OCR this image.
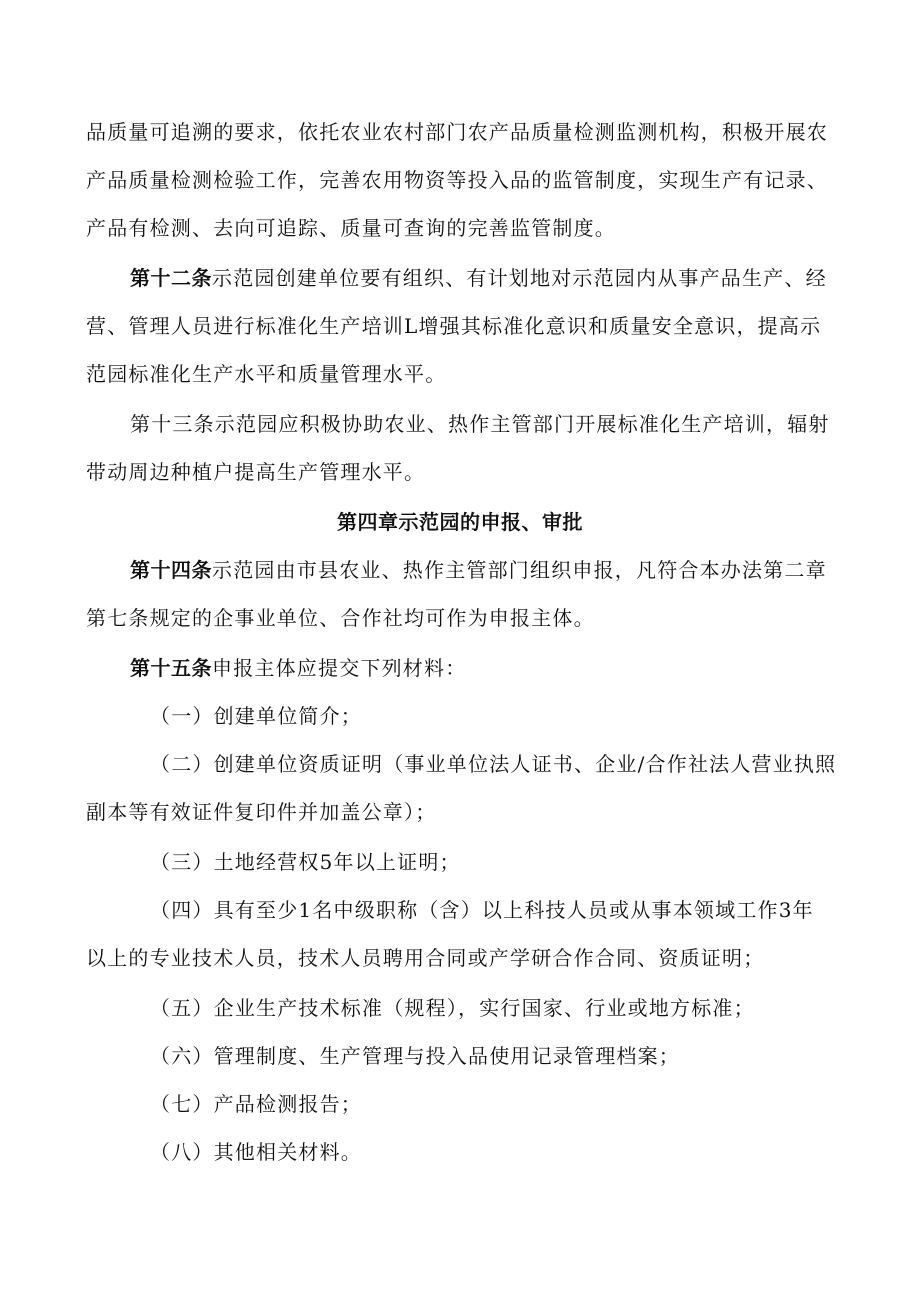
品质量可追溯的要求，依托农业农村部门农产品质量检测监测机构，积极开展农
产品质量检测检验工作，完善农用物资等投入品的监管制度，实现生产有记录、
产品有检测、去向可追踪、质量可查询的完善监管制度。
第十二条示范园创建单位要有组织、有计划地对示范园内从事产品生产、经
营、管理人员进行标准化生产培训L增强其标准化意识和质量安全意识，提高示
范园标准化生产水平和质量管理水平。
第十三条示范园应积极协助农业、热作主管部门开展标准化生产培训，辐射
带动周边种植户提高生产管理水平。
第四章示范园的申报、审批
第十四条示范园由市县农业、热作主管部门组织申报，凡符合本办法第二章
第七条规定的企事业单位、合作社均可作为申报主体。
第十五条申报主体应提交下列材料：
（一）创建单位简介；
（二）创建单位资质证明（事业单位法人证书、企业/合作社法人营业执照
副本等有效证件复印件并加盖公章）；
（三）土地经营权5年以上证明；
（四）具有至少1名中级职称（含）以上科技人员或从事本领域工作3年
以上的专业技术人员，技术人员聘用合同或产学研合作合同、资质证明；
（五）企业生产技术标准（规程），实行国家、行业或地方标准；
（六）管理制度、生产管理与投入品使用记录管理档案；
（七）产品检测报告；
（八）其他相关材料。
